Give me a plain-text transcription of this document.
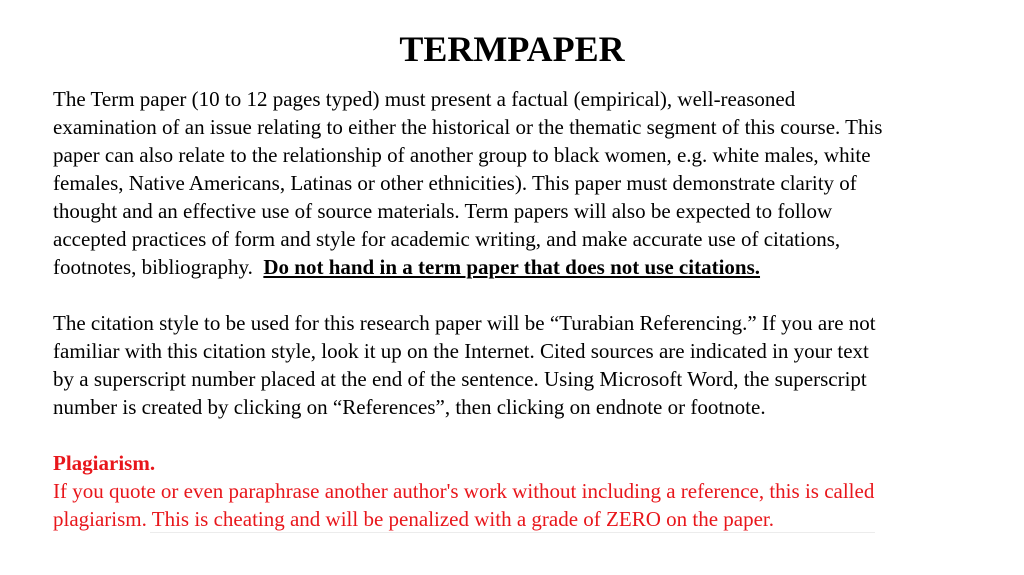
TERMPAPER
The Term paper (10 to 12 pages typed) must present a factual (empirical), well-reasoned
examination of an issue relating to either the historical or the thematic segment of this course. This
paper can also relate to the relationship of another group to black women, e.g. white males, white
females, Native Americans, Latinas or other ethnicities). This paper must demonstrate clarity of
thought and an effective use of source materials. Term papers will also be expected to follow
accepted practices of form and style for academic writing, and make accurate use of citations,
footnotes, bibliography.  Do not hand in a term paper that does not use citations.
The citation style to be used for this research paper will be “Turabian Referencing.” If you are not
familiar with this citation style, look it up on the Internet. Cited sources are indicated in your text
by a superscript number placed at the end of the sentence. Using Microsoft Word, the superscript
number is created by clicking on “References”, then clicking on endnote or footnote.
Plagiarism.
If you quote or even paraphrase another author's work without including a reference, this is called
plagiarism. This is cheating and will be penalized with a grade of ZERO on the paper.
